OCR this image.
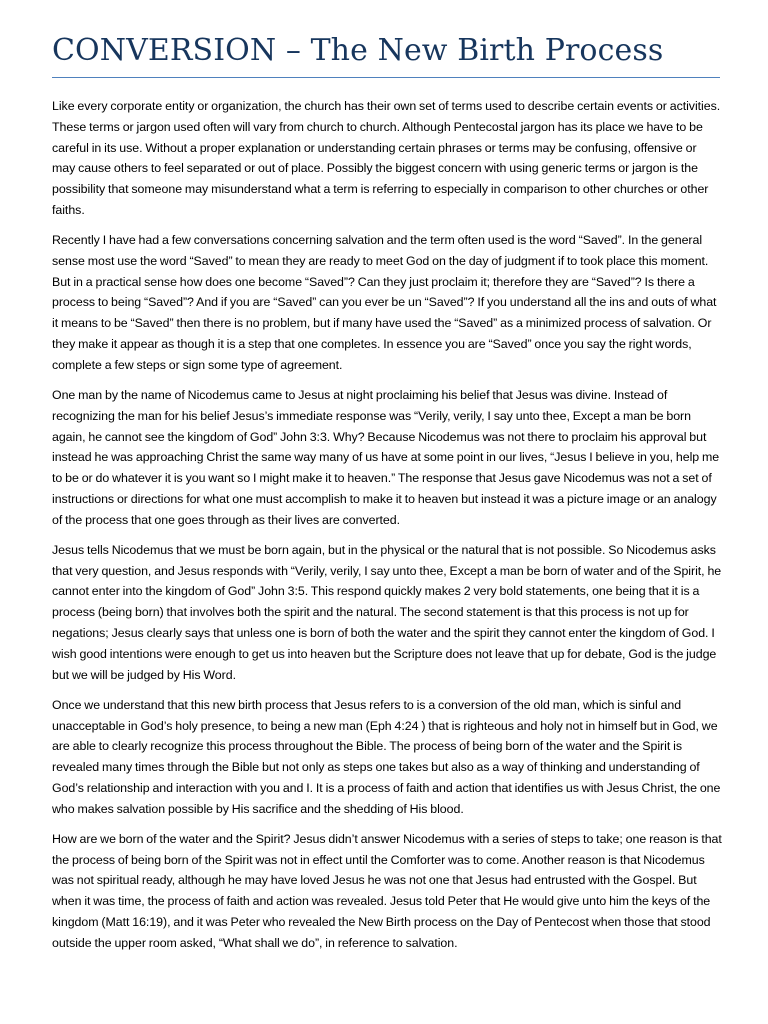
CONVERSION – The New Birth Process

Like every corporate entity or organization, the church has their own set of terms used to describe certain events or activities. These terms or jargon used often will vary from church to church. Although Pentecostal jargon has its place we have to be careful in its use. Without a proper explanation or understanding certain phrases or terms may be confusing, offensive or may cause others to feel separated or out of place. Possibly the biggest concern with using generic terms or jargon is the possibility that someone may misunderstand what a term is referring to especially in comparison to other churches or other faiths.

Recently I have had a few conversations concerning salvation and the term often used is the word “Saved”. In the general sense most use the word “Saved” to mean they are ready to meet God on the day of judgment if to took place this moment. But in a practical sense how does one become “Saved”? Can they just proclaim it; therefore they are “Saved”? Is there a process to being “Saved”? And if you are “Saved” can you ever be un “Saved”? If you understand all the ins and outs of what it means to be “Saved” then there is no problem, but if many have used the “Saved” as a minimized process of salvation. Or they make it appear as though it is a step that one completes. In essence you are “Saved” once you say the right words, complete a few steps or sign some type of agreement.

One man by the name of Nicodemus came to Jesus at night proclaiming his belief that Jesus was divine. Instead of recognizing the man for his belief Jesus’s immediate response was “Verily, verily, I say unto thee, Except a man be born again, he cannot see the kingdom of God” John 3:3. Why? Because Nicodemus was not there to proclaim his approval but instead he was approaching Christ the same way many of us have at some point in our lives, “Jesus I believe in you, help me to be or do whatever it is you want so I might make it to heaven.” The response that Jesus gave Nicodemus was not a set of instructions or directions for what one must accomplish to make it to heaven but instead it was a picture image or an analogy of the process that one goes through as their lives are converted.

Jesus tells Nicodemus that we must be born again, but in the physical or the natural that is not possible. So Nicodemus asks that very question, and Jesus responds with “Verily, verily, I say unto thee, Except a man be born of water and of the Spirit, he cannot enter into the kingdom of God” John 3:5. This respond quickly makes 2 very bold statements, one being that it is a process (being born) that involves both the spirit and the natural. The second statement is that this process is not up for negations; Jesus clearly says that unless one is born of both the water and the spirit they cannot enter the kingdom of God. I wish good intentions were enough to get us into heaven but the Scripture does not leave that up for debate, God is the judge but we will be judged by His Word.

Once we understand that this new birth process that Jesus refers to is a conversion of the old man, which is sinful and unacceptable in God’s holy presence, to being a new man (Eph 4:24 ) that is righteous and holy not in himself but in God, we are able to clearly recognize this process throughout the Bible. The process of being born of the water and the Spirit is revealed many times through the Bible but not only as steps one takes but also as a way of thinking and understanding of God’s relationship and interaction with you and I. It is a process of faith and action that identifies us with Jesus Christ, the one who makes salvation possible by His sacrifice and the shedding of His blood.

How are we born of the water and the Spirit? Jesus didn’t answer Nicodemus with a series of steps to take; one reason is that the process of being born of the Spirit was not in effect until the Comforter was to come. Another reason is that Nicodemus was not spiritual ready, although he may have loved Jesus he was not one that Jesus had entrusted with the Gospel. But when it was time, the process of faith and action was revealed. Jesus told Peter that He would give unto him the keys of the kingdom (Matt 16:19), and it was Peter who revealed the New Birth process on the Day of Pentecost when those that stood outside the upper room asked, “What shall we do”, in reference to salvation.
